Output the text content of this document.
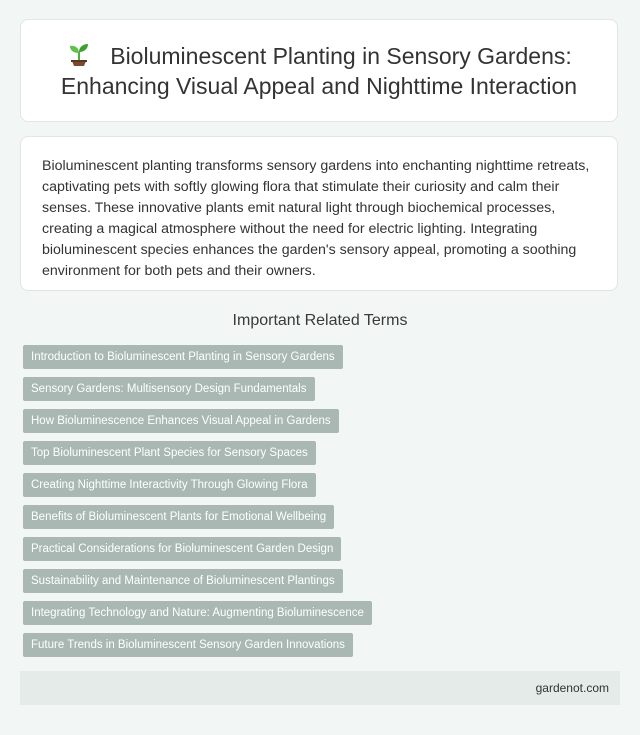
Bioluminescent Planting in Sensory Gardens: Enhancing Visual Appeal and Nighttime Interaction

Bioluminescent planting transforms sensory gardens into enchanting nighttime retreats, captivating pets with softly glowing flora that stimulate their curiosity and calm their senses. These innovative plants emit natural light through biochemical processes, creating a magical atmosphere without the need for electric lighting. Integrating bioluminescent species enhances the garden's sensory appeal, promoting a soothing environment for both pets and their owners.

Important Related Terms
Introduction to Bioluminescent Planting in Sensory Gardens
Sensory Gardens: Multisensory Design Fundamentals
How Bioluminescence Enhances Visual Appeal in Gardens
Top Bioluminescent Plant Species for Sensory Spaces
Creating Nighttime Interactivity Through Glowing Flora
Benefits of Bioluminescent Plants for Emotional Wellbeing
Practical Considerations for Bioluminescent Garden Design
Sustainability and Maintenance of Bioluminescent Plantings
Integrating Technology and Nature: Augmenting Bioluminescence
Future Trends in Bioluminescent Sensory Garden Innovations
gardenot.com
